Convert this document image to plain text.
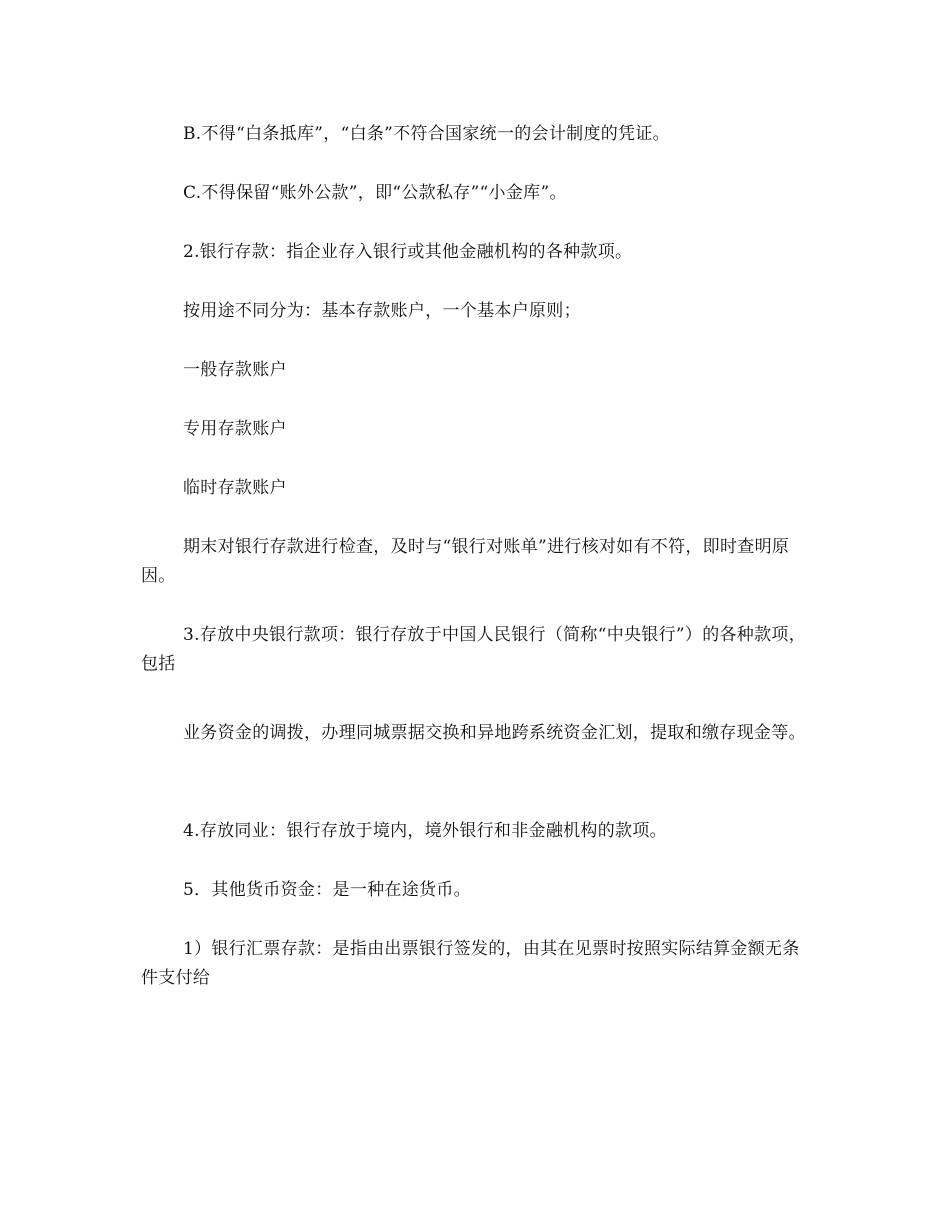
B.不得“白条抵库”，“白条”不符合国家统一的会计制度的凭证。

C.不得保留“账外公款”，即“公款私存”“小金库”。

2.银行存款：指企业存入银行或其他金融机构的各种款项。

按用途不同分为：基本存款账户，一个基本户原则；

一般存款账户

专用存款账户

临时存款账户

期末对银行存款进行检查，及时与“银行对账单”进行核对如有不符，即时查明原因。

3.存放中央银行款项：银行存放于中国人民银行（简称“中央银行”）的各种款项，包括

业务资金的调拨，办理同城票据交换和异地跨系统资金汇划，提取和缴存现金等。

4.存放同业：银行存放于境内，境外银行和非金融机构的款项。

5．其他货币资金：是一种在途货币。

1）银行汇票存款：是指由出票银行签发的，由其在见票时按照实际结算金额无条件支付给
